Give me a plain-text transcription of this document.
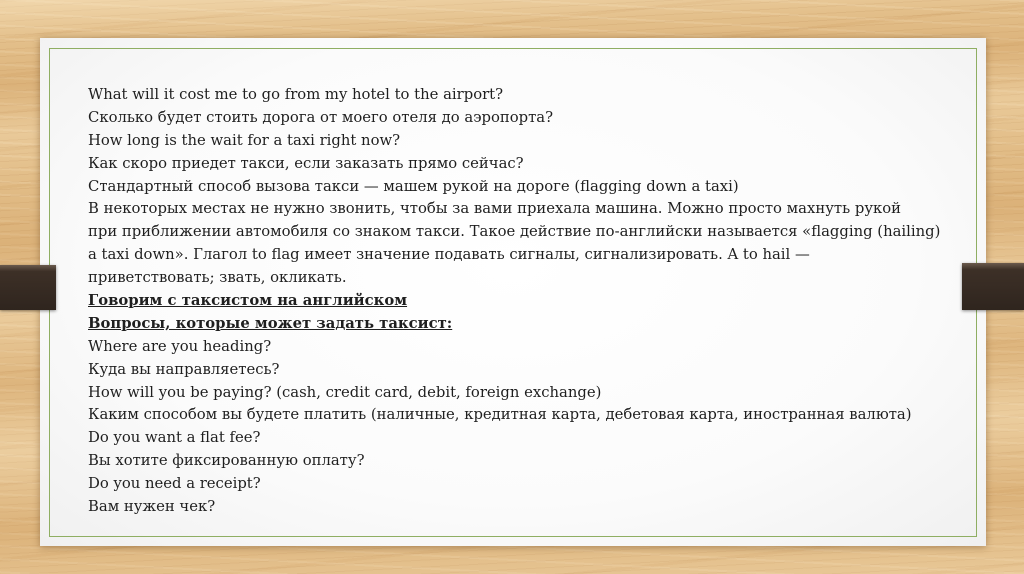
What will it cost me to go from my hotel to the airport?
Сколько будет стоить дорога от моего отеля до аэропорта?
How long is the wait for a taxi right now?
Как скоро приедет такси, если заказать прямо сейчас?
Стандартный способ вызова такси — машем рукой на дороге (flagging down a taxi)
В некоторых местах не нужно звонить, чтобы за вами приехала машина. Можно просто махнуть рукой
при приближении автомобиля со знаком такси. Такое действие по-английски называется «flagging (hailing)
a taxi down». Глагол to flag имеет значение подавать сигналы, сигнализировать. A to hail —
приветствовать; звать, окликать.
Говорим с таксистом на английском
Вопросы, которые может задать таксист:
Where are you heading?
Куда вы направляетесь?
How will you be paying? (cash, credit card, debit, foreign exchange)
Каким способом вы будете платить (наличные, кредитная карта, дебетовая карта, иностранная валюта)
Do you want a flat fee?
Вы хотите фиксированную оплату?
Do you need a receipt?
Вам нужен чек?
